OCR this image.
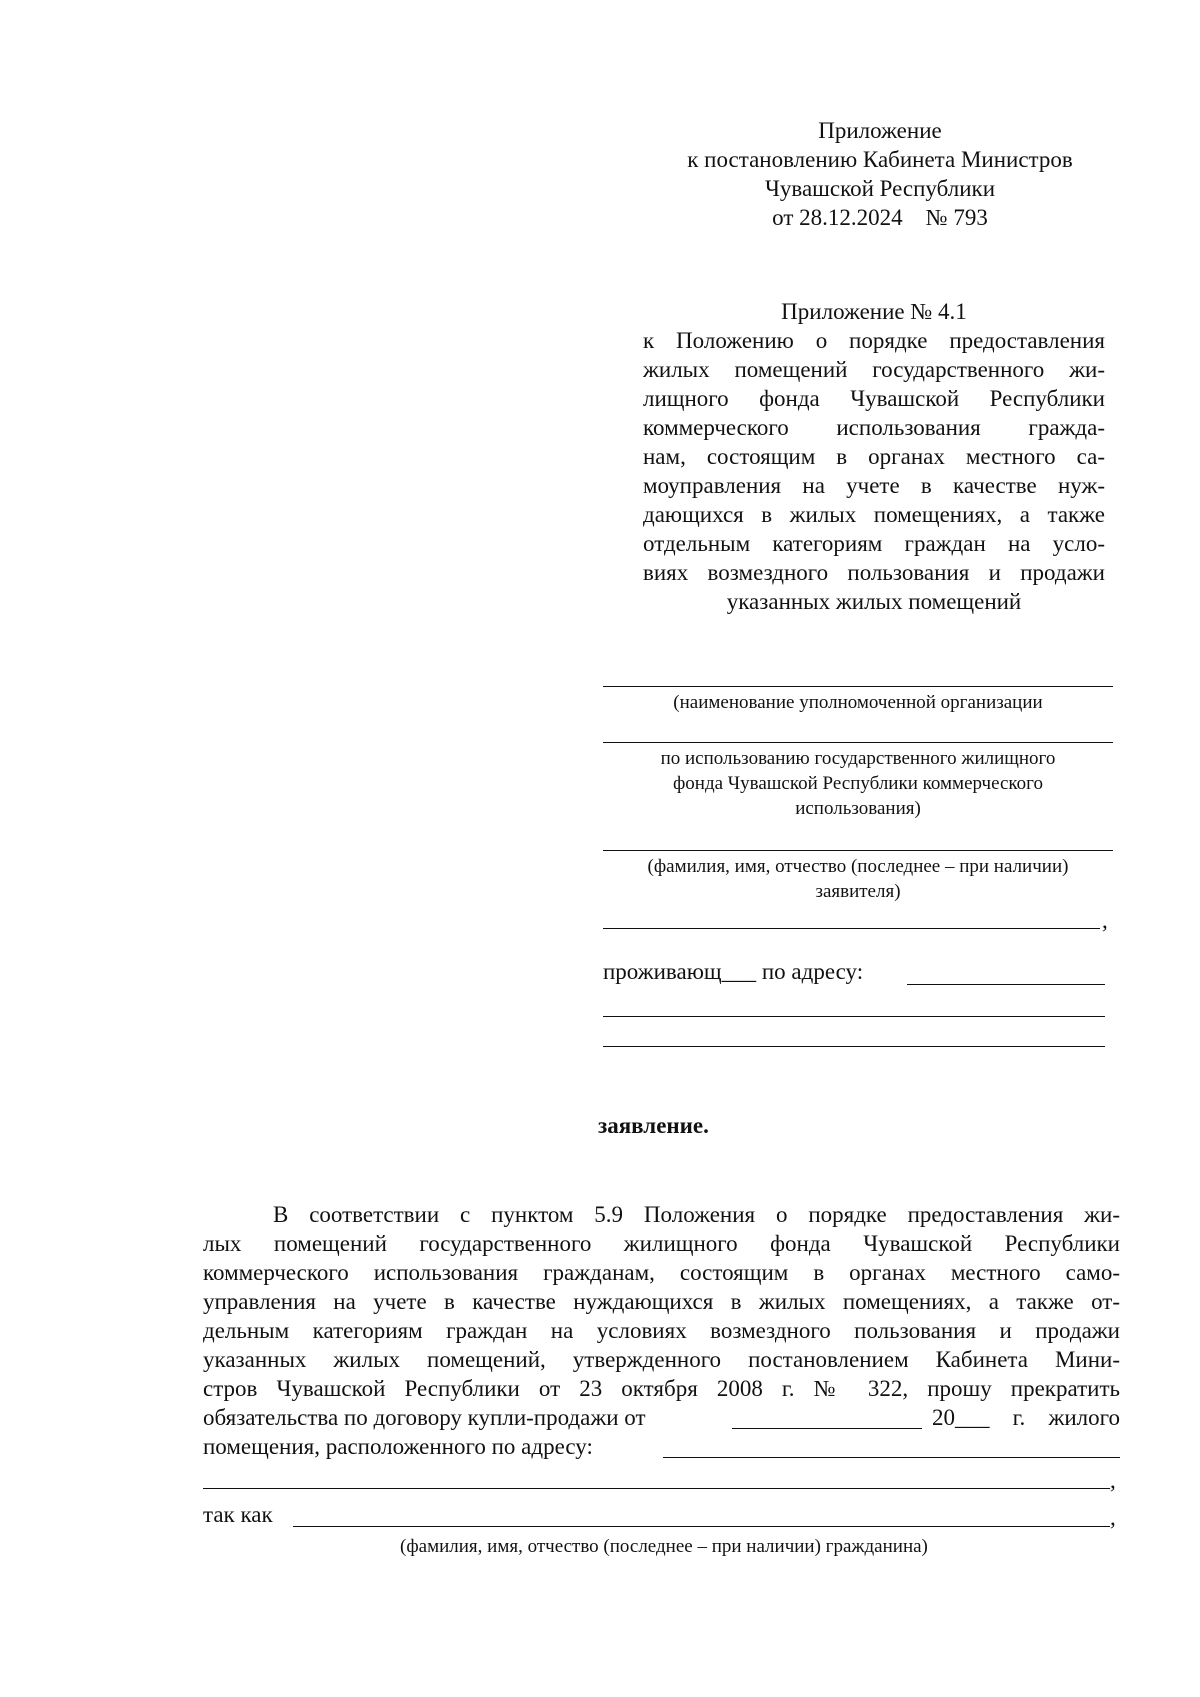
Приложение
к постановлению Кабинета Министров
Чувашской Республики
от 28.12.2024    № 793
Приложение № 4.1
к Положению о порядке предоставления
жилых помещений государственного жи-
лищного фонда Чувашской Республики
коммерческого использования граждa-
нам, состоящим в органах местного са-
моуправления на учете в качестве нуж-
дающихся в жилых помещениях, а также
отдельным категориям граждан на усло-
виях возмездного пользования и продажи
указанных жилых помещений
(наименование уполномоченной организации
по использованию государственного жилищного
фонда Чувашской Республики коммерческого
использования)
(фамилия, имя, отчество (последнее – при наличии)
заявителя)
,
проживающ___ по адресу:
заявление.
В соответствии с пунктом 5.9 Положения о порядке предоставления жи-
лых помещений государственного жилищного фонда Чувашской Республики
коммерческого использования гражданам, состоящим в органах местного само-
управления на учете в качестве нуждающихся в жилых помещениях, а также от-
дельным категориям граждан на условиях возмездного пользования и продажи
указанных жилых помещений, утвержденного постановлением Кабинета Мини-
стров Чувашской Республики от 23 октября 2008 г. № 322, прошу прекратить
обязательства по договору купли-продажи от	20___ г. жилого
помещения, расположенного по адресу:
,
так как	,
(фамилия, имя, отчество (последнее – при наличии) гражданина)
